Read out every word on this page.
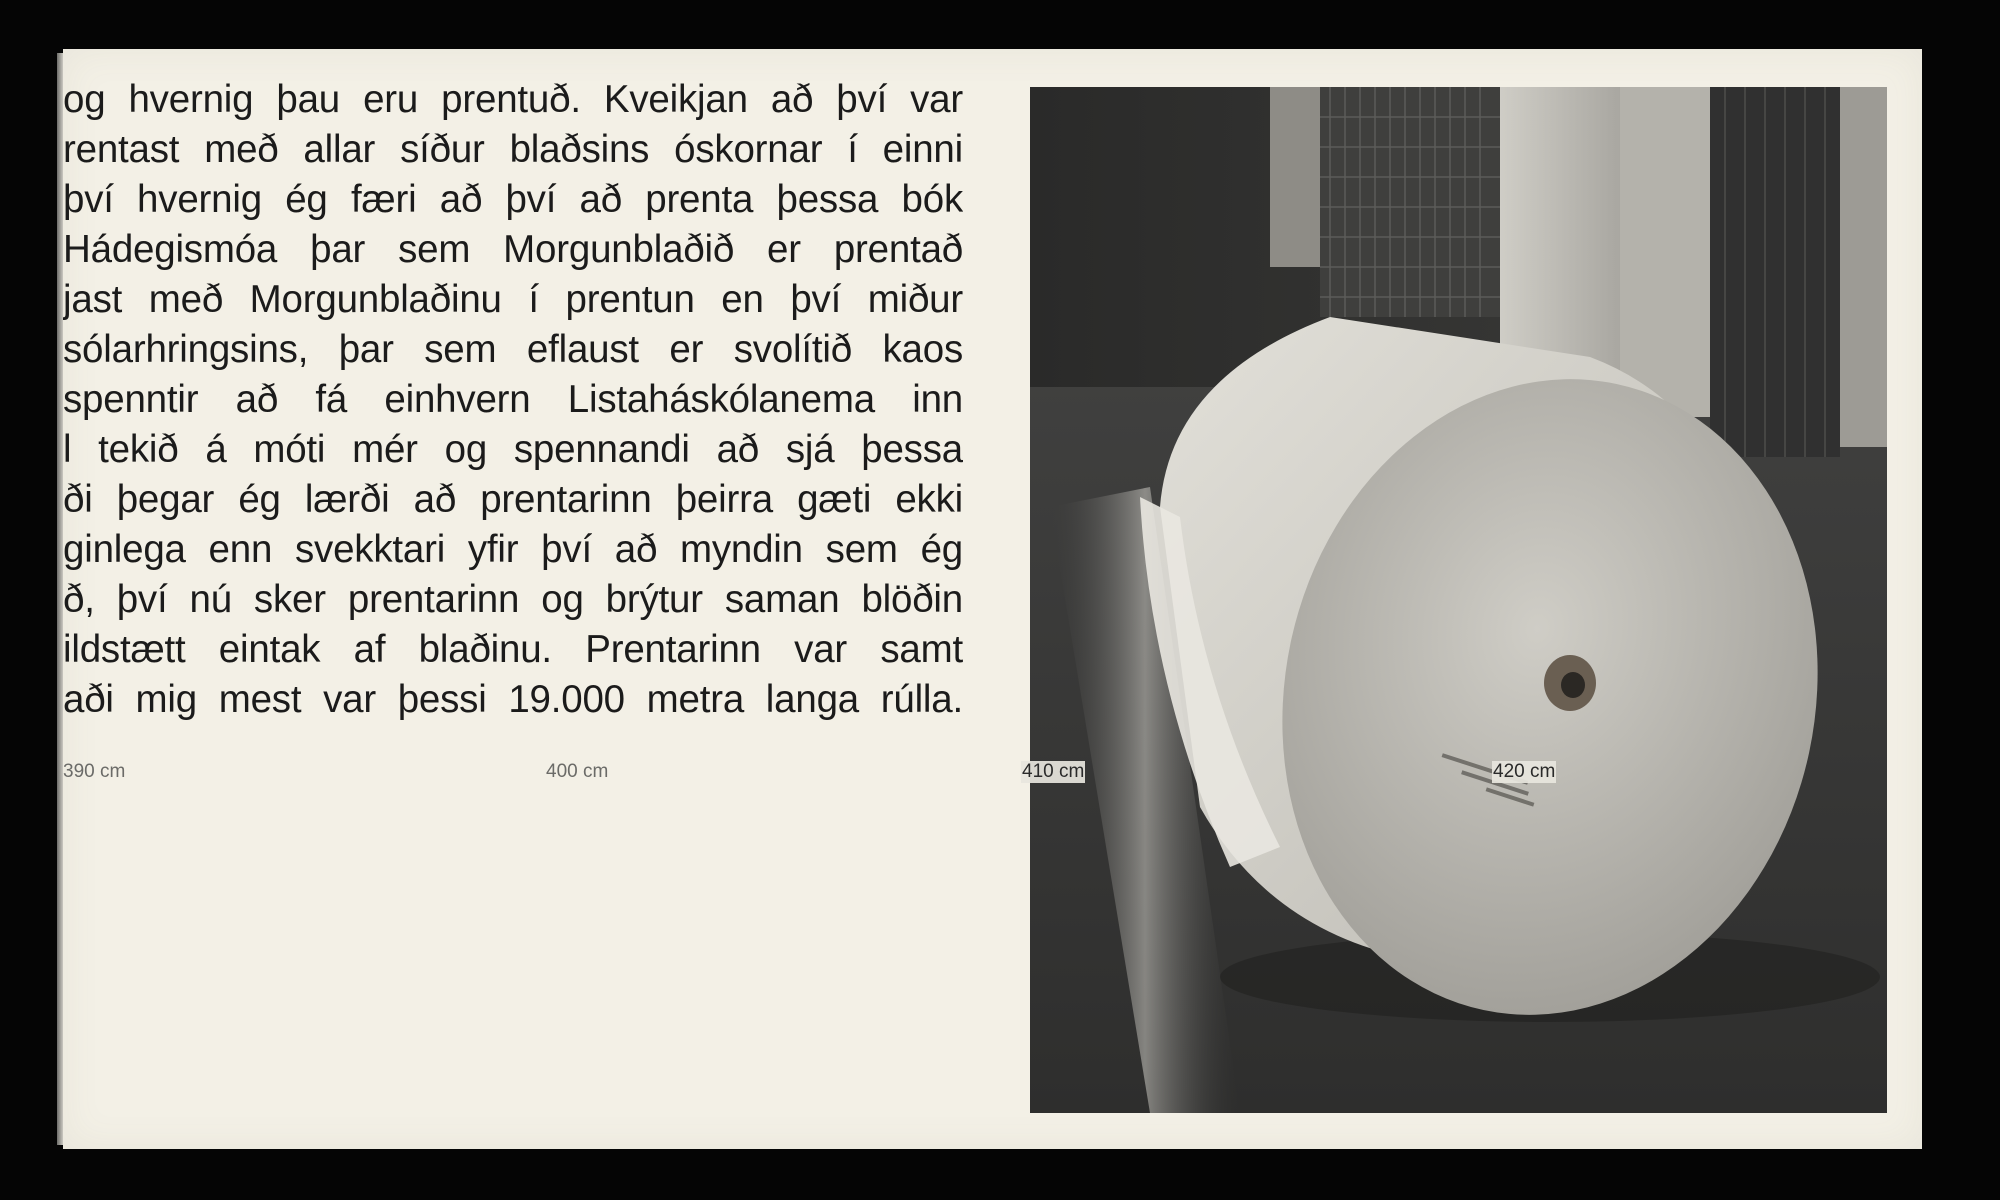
og hvernig þau eru prentuð. Kveikjan að því var
rentast með allar síður blaðsins óskornar í einni
því hvernig ég færi að því að prenta þessa bók
Hádegismóa þar sem Morgunblaðið er prentað
jast með Morgunblaðinu í prentun en því miður
sólarhringsins, þar sem eflaust er svolítið kaos
spenntir að fá einhvern Listaháskólanema inn
l tekið á móti mér og spennandi að sjá þessa
ði þegar ég lærði að prentarinn þeirra gæti ekki
ginlega enn svekktari yfir því að myndin sem ég
ð, því nú sker prentarinn og brýtur saman blöðin
ildstætt eintak af blaðinu. Prentarinn var samt
aði mig mest var þessi 19.000 metra langa rúlla.
390 cm	400 cm	410 cm	420 cm
